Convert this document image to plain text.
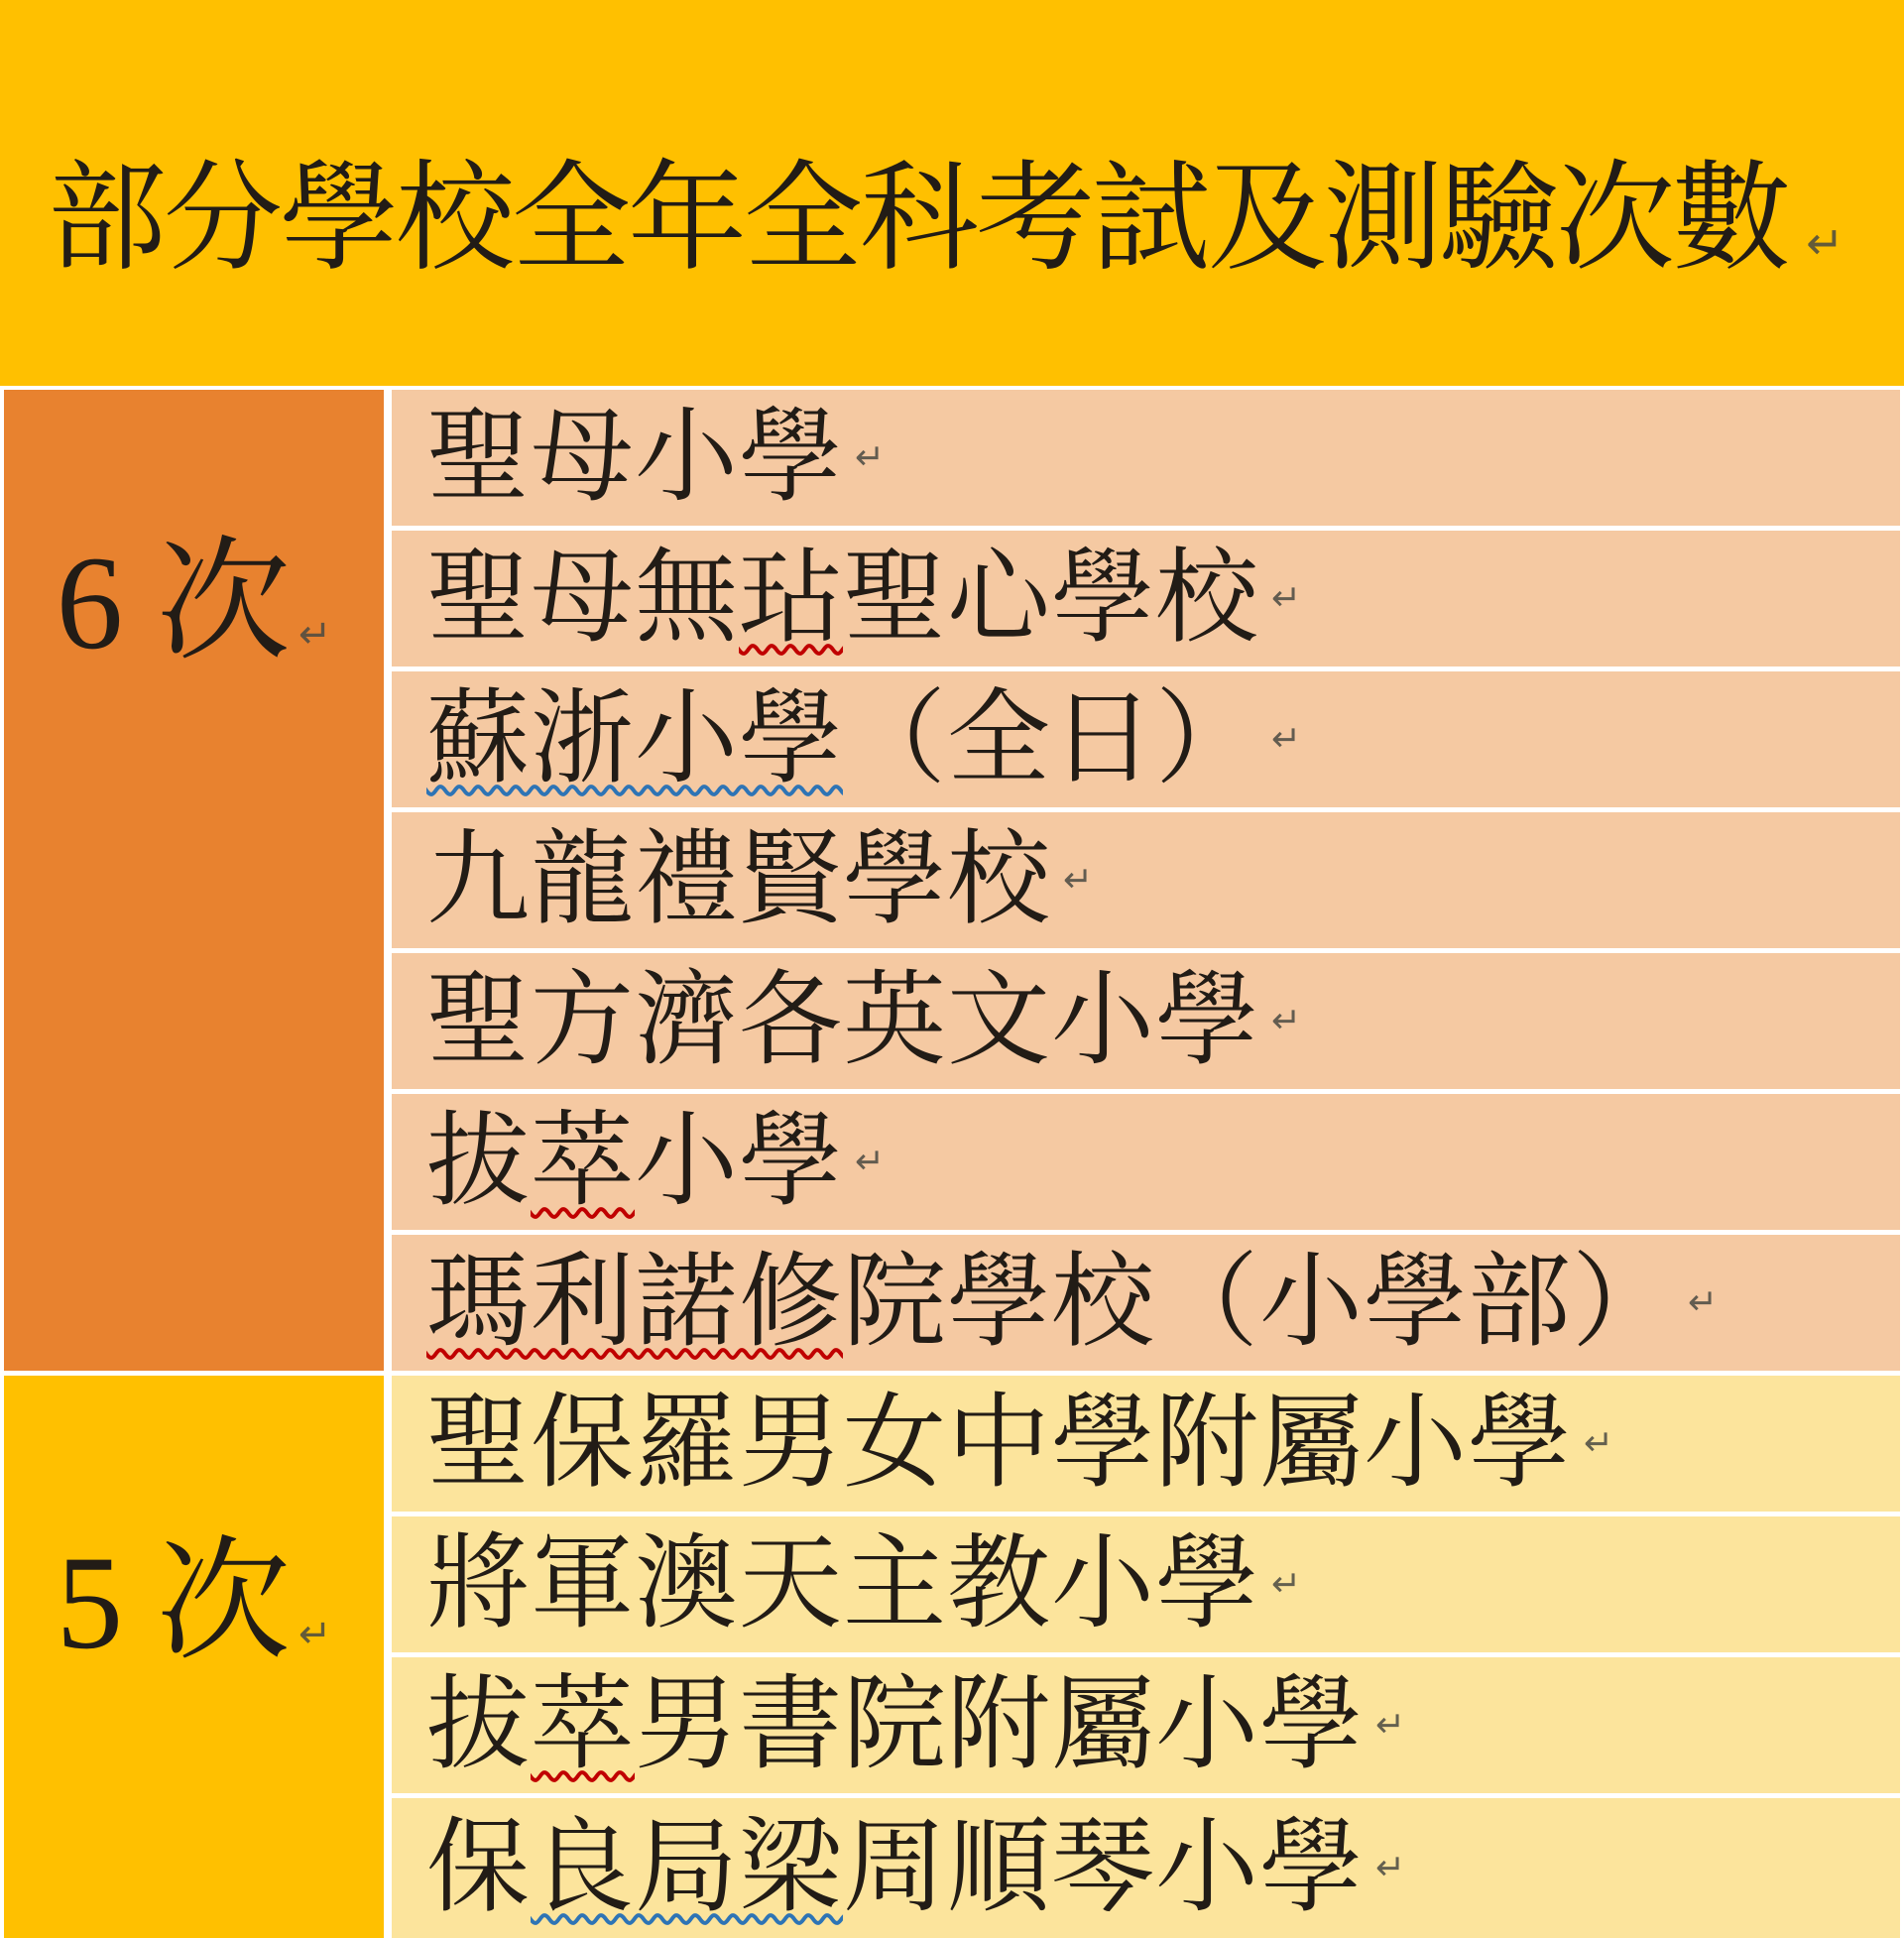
部分學校全年全科考試及測驗次數 ↵
6 次 ↵
5 次 ↵
聖母小學 ↵
聖母無玷聖心學校 ↵
蘇浙小學（全日） ↵
九龍禮賢學校 ↵
聖方濟各英文小學 ↵
拔萃小學 ↵
瑪利諾修院學校（小學部） ↵
聖保羅男女中學附屬小學 ↵
將軍澳天主教小學 ↵
拔萃男書院附屬小學 ↵
保良局梁周順琴小學 ↵
